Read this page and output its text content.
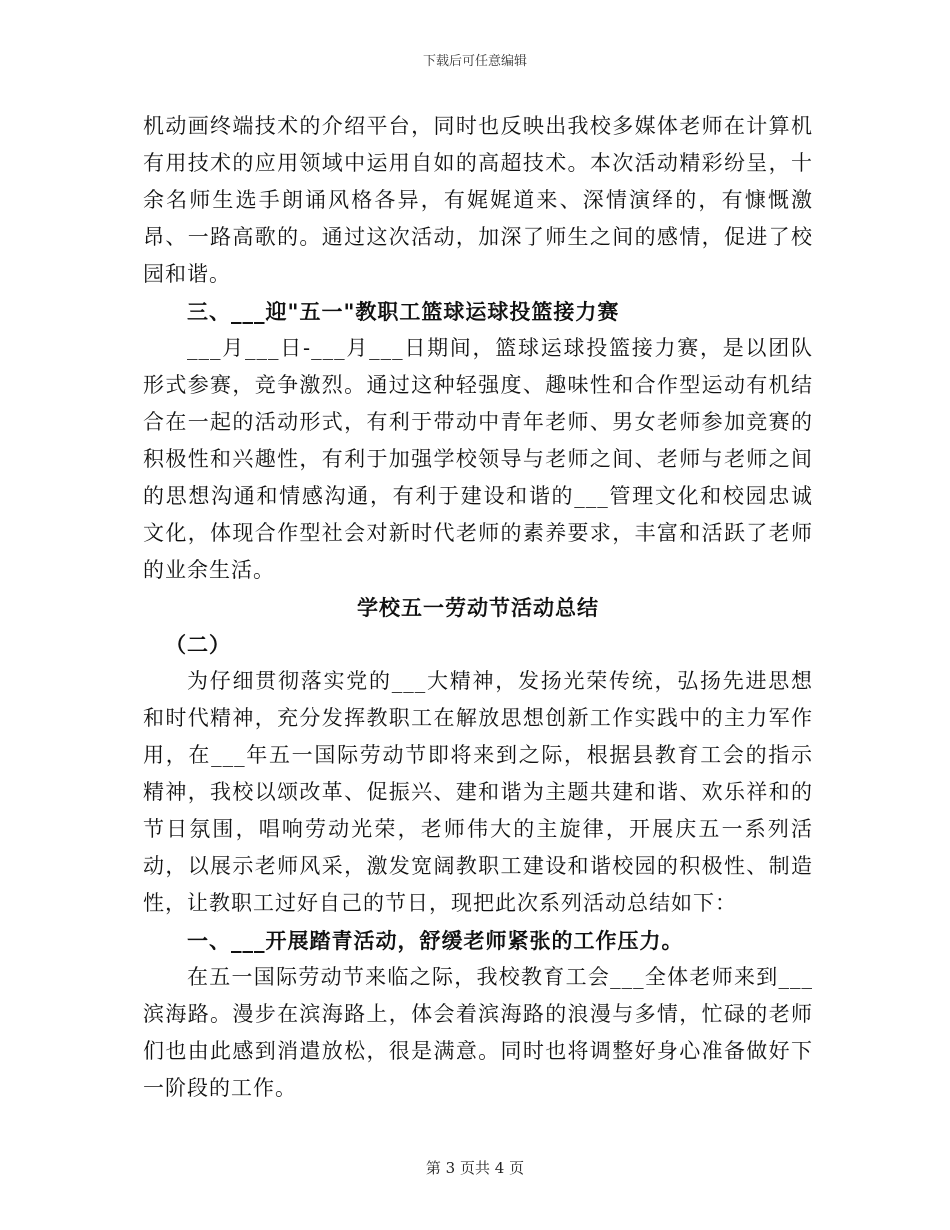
下载后可任意编辑

机动画终端技术的介绍平台，同时也反映出我校多媒体老师在计算机有用技术的应用领域中运用自如的高超技术。本次活动精彩纷呈，十余名师生选手朗诵风格各异，有娓娓道来、深情演绎的，有慷慨激昂、一路高歌的。通过这次活动，加深了师生之间的感情，促进了校园和谐。

三、___迎"五一"教职工篮球运球投篮接力赛

___月___日-___月___日期间，篮球运球投篮接力赛，是以团队形式参赛，竞争激烈。通过这种轻强度、趣味性和合作型运动有机结合在一起的活动形式，有利于带动中青年老师、男女老师参加竞赛的积极性和兴趣性，有利于加强学校领导与老师之间、老师与老师之间的思想沟通和情感沟通，有利于建设和谐的___管理文化和校园忠诚文化，体现合作型社会对新时代老师的素养要求，丰富和活跃了老师的业余生活。

学校五一劳动节活动总结

（二）

为仔细贯彻落实党的___大精神，发扬光荣传统，弘扬先进思想和时代精神，充分发挥教职工在解放思想创新工作实践中的主力军作用，在___年五一国际劳动节即将来到之际，根据县教育工会的指示精神，我校以颂改革、促振兴、建和谐为主题共建和谐、欢乐祥和的节日氛围，唱响劳动光荣，老师伟大的主旋律，开展庆五一系列活动，以展示老师风采，激发宽阔教职工建设和谐校园的积极性、制造性，让教职工过好自己的节日，现把此次系列活动总结如下：

一、___开展踏青活动，舒缓老师紧张的工作压力。

在五一国际劳动节来临之际，我校教育工会___全体老师来到___滨海路。漫步在滨海路上，体会着滨海路的浪漫与多情，忙碌的老师们也由此感到消遣放松，很是满意。同时也将调整好身心准备做好下一阶段的工作。

第 3 页共 4 页
